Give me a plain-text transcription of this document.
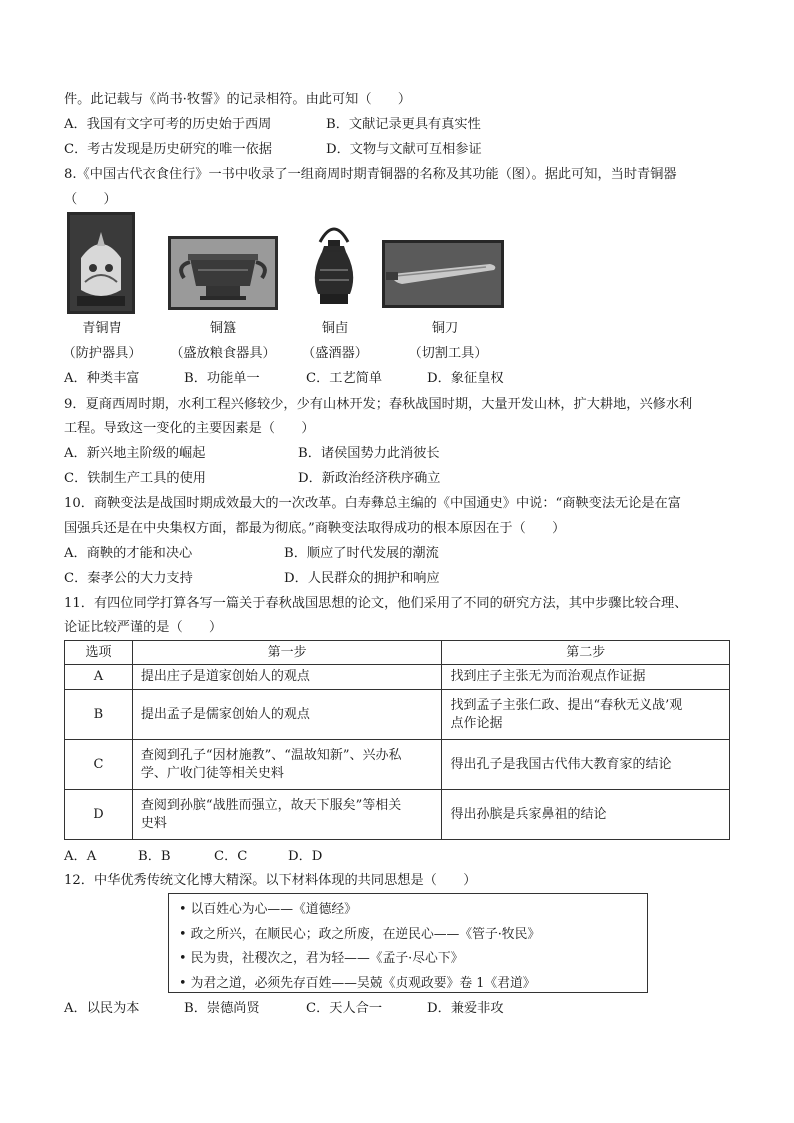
件。此记载与《尚书·牧誓》的记录相符。由此可知（　　）
A．我国有文字可考的历史始于西周	B．文献记录更具有真实性
C．考古发现是历史研究的唯一依据	D．文物与文献可互相参证
8.《中国古代衣食住行》一书中收录了一组商周时期青铜器的名称及其功能（图）。据此可知，当时青铜器
（　　）
青铜胄	铜簋	铜卣	铜刀
（防护器具）	（盛放粮食器具）	（盛酒器）	（切割工具）
A．种类丰富	B．功能单一	C．工艺简单	D．象征皇权
9．夏商西周时期，水利工程兴修较少，少有山林开发；春秋战国时期，大量开发山林，扩大耕地，兴修水利
工程。导致这一变化的主要因素是（　　）
A．新兴地主阶级的崛起	B．诸侯国势力此消彼长
C．铁制生产工具的使用	D．新政治经济秩序确立
10．商鞅变法是战国时期成效最大的一次改革。白寿彝总主编的《中国通史》中说：“商鞅变法无论是在富
国强兵还是在中央集权方面，都最为彻底。”商鞅变法取得成功的根本原因在于（　　）
A．商鞅的才能和决心	B．顺应了时代发展的潮流
C．秦孝公的大力支持	D．人民群众的拥护和响应
11．有四位同学打算各写一篇关于春秋战国思想的论文，他们采用了不同的研究方法，其中步骤比较合理、
论证比较严谨的是（　　）
选项	第一步	第二步
A	提出庄子是道家创始人的观点	找到庄子主张无为而治观点作证据
B	提出孟子是儒家创始人的观点	找到孟子主张仁政、提出“春秋无义战’观
点作论据

C	查阅到孔子“因材施教”、“温故知新”、兴办私
学、广收门徒等相关史料	得出孔子是我国古代伟大教育家的结论
D	查阅到孙膑“战胜而强立，故天下服矣”等相关
史料	得出孙膑是兵家鼻祖的结论
A．A	B．B	C．C	D．D
12．中华优秀传统文化博大精深。以下材料体现的共同思想是（　　）
• 以百姓心为心——《道德经》
• 政之所兴，在顺民心；政之所废，在逆民心——《管子·牧民》
• 民为贵，社稷次之，君为轻——《孟子·尽心下》
• 为君之道，必须先存百姓——吴兢《贞观政要》卷 1《君道》
A．以民为本	B．崇德尚贤	C．天人合一	D．兼爱非攻
